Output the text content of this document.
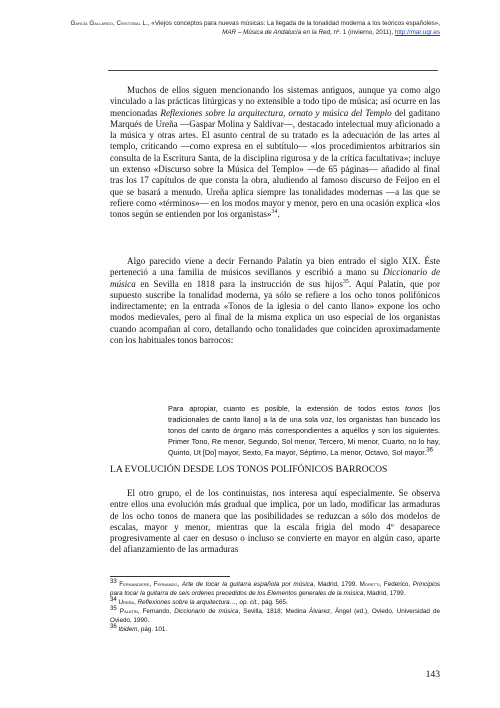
García Gallardo, Cristóbal L., «Viejos conceptos para nuevas músicas: La llegada de la tonalidad moderna a los teóricos españoles», MAR – Música de Andalucía en la Red, nº. 1 (invierno, 2011), http://mar.ugr.es

Muchos de ellos siguen mencionando los sistemas antiguos, aunque ya como algo vinculado a las prácticas litúrgicas y no extensible a todo tipo de música; así ocurre en las mencionadas Reflexiones sobre la arquitectura, ornato y música del Templo del gaditano Marqués de Ureña —Gaspar Molina y Saldívar—, destacado intelectual muy aficionado a la música y otras artes. El asunto central de su tratado es la adecuación de las artes al templo, criticando —como expresa en el subtítulo— «los procedimientos arbitrarios sin consulta de la Escritura Santa, de la disciplina rigurosa y de la crítica facultativa»; incluye un extenso «Discurso sobre la Música del Templo» —de 65 páginas— añadido al final tras los 17 capítulos de que consta la obra, aludiendo al famoso discurso de Feijoo en el que se basará a menudo. Ureña aplica siempre las tonalidades modernas —a las que se refiere como «términos»— en los modos mayor y menor, pero en una ocasión explica «los tonos según se entienden por los organistas»$^{34}$.

Algo parecido viene a decir Fernando Palatín ya bien entrado el siglo XIX. Éste perteneció a una familia de músicos sevillanos y escribió a mano su Diccionario de música en Sevilla en 1818 para la instrucción de sus hijos$^{35}$. Aquí Palatín, que por supuesto suscribe la tonalidad moderna, ya sólo se refiere a los ocho tonos polifónicos indirectamente; en la entrada «Tonos de la iglesia o del canto llano» expone los ocho modos medievales, pero al final de la misma explica un uso especial de los organistas cuando acompañan al coro, detallando ocho tonalidades que coinciden aproximadamente con los habituales tonos barrocos:

Para apropiar, cuanto es posible, la extensión de todos estos tonos [los tradicionales de canto llano] a la de una sola voz, los organistas han buscado los tonos del canto de órgano más correspondientes a aquéllos y son los siguientes. Primer Tono, Re menor, Segundo, Sol menor, Tercero, Mi menor, Cuarto, no lo hay, Quinto, Ut [Do] mayor, Sexto, Fa mayor, Séptimo, La menor, Octavo, Sol mayor.$^{36}$

LA EVOLUCIÓN DESDE LOS TONOS POLIFÓNICOS BARROCOS

El otro grupo, el de los continuistas, nos interesa aquí especialmente. Se observa entre ellos una evolución más gradual que implica, por un lado, modificar las armaduras de los ocho tonos de manera que las posibilidades se reduzcan a sólo dos modelos de escalas, mayor y menor, mientras que la escala frigia del modo 4º desaparece progresivamente al caer en desuso o incluso se convierte en mayor en algún caso, aparte del afianzamiento de las armaduras

$^{33}$ Fernandiere, Fernando, Arte de tocar la guitarra española por música, Madrid, 1799. Moretti, Federico, Principios para tocar la guitarra de seis ordenes precedidos de los Elementos generales de la música, Madrid, 1799.

$^{34}$ Ureña, Reflexiones sobre la arquitectura…, op. cit., pág. 565.

$^{35}$ Palatín, Fernando, Diccionario de música, Sevilla, 1818; Medina Álvarez, Ángel (ed.), Oviedo, Universidad de Oviedo, 1990.

$^{36}$ Ibidem, pág. 101.

143
